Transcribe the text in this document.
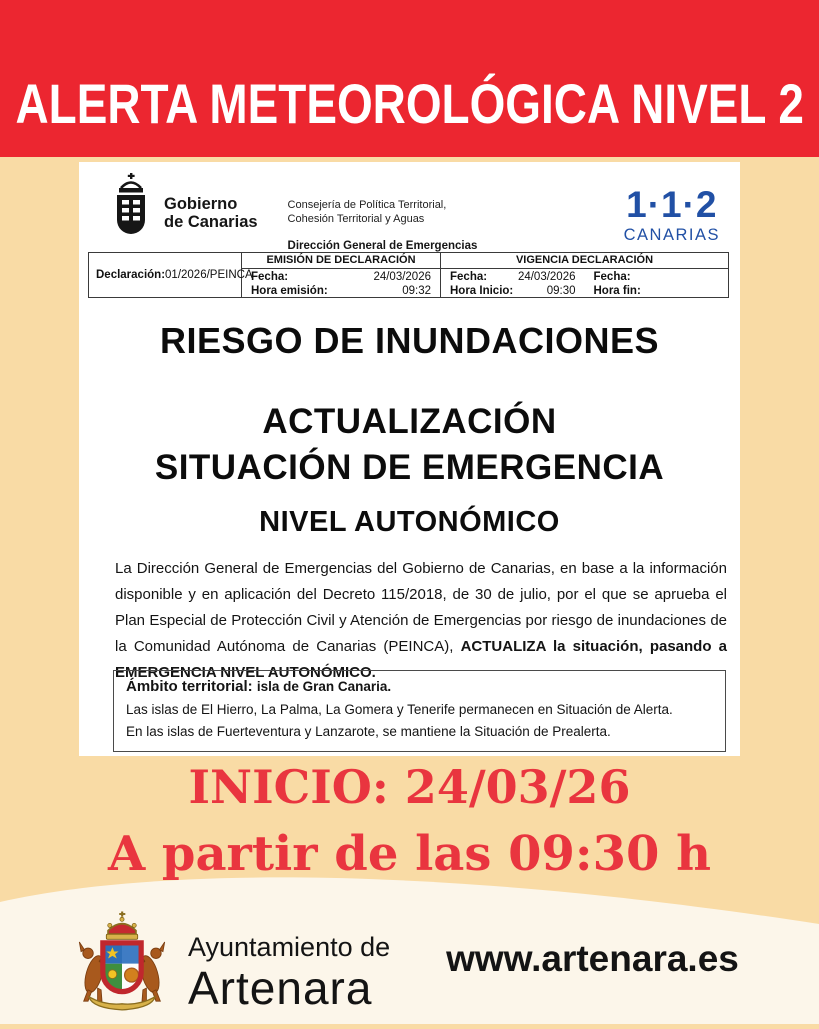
ALERTA METEOROLÓGICA NIVEL 2
Gobierno
de Canarias
Consejería de Política Territorial,
Cohesión Territorial y Aguas
Dirección General de Emergencias
1·1·2
CANARIAS
Declaración: 01/2026/PEINCA
EMISIÓN DE DECLARACIÓN
Fecha:	24/03/2026
Hora emisión:	09:32
VIGENCIA DECLARACIÓN
Fecha:	24/03/2026
Hora Inicio:	09:30
Fecha:
Hora fin:
RIESGO DE INUNDACIONES
ACTUALIZACIÓN
SITUACIÓN DE EMERGENCIA
NIVEL AUTONÓMICO
La Dirección General de Emergencias del Gobierno de Canarias, en base a la información disponible y en aplicación del Decreto 115/2018, de 30 de julio, por el que se aprueba el Plan Especial de Protección Civil y Atención de Emergencias por riesgo de inundaciones de la Comunidad Autónoma de Canarias (PEINCA), ACTUALIZA la situación, pasando a EMERGENCIA NIVEL AUTONÓMICO.
Ámbito territorial: isla de Gran Canaria.
Las islas de El Hierro, La Palma, La Gomera y Tenerife permanecen en Situación de Alerta.
En las islas de Fuerteventura y Lanzarote, se mantiene la Situación de Prealerta.
INICIO: 24/03/26
A partir de las 09:30 h
Ayuntamiento de
Artenara
www.artenara.es
